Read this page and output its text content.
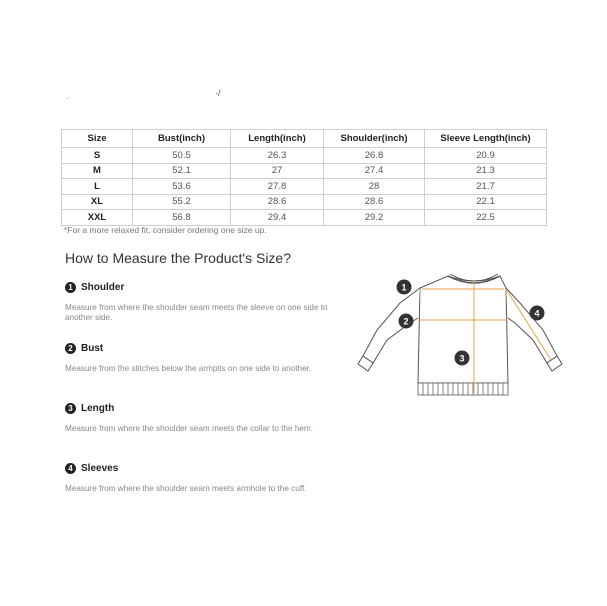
.	·/
Size	Bust(inch)	Length(inch)	Shoulder(inch)	Sleeve Length(inch)
S	50.5	26.3	26.8	20.9
M	52.1	27	27.4	21.3
L	53.6	27.8	28	21.7
XL	55.2	28.6	28.6	22.1
XXL	56.8	29.4	29.2	22.5
*For a more relaxed fit, consider ordering one size up.
How to Measure the Product's Size?
1 Shoulder
Measure from where the shoulder seam meets the sleeve on one side to another side.
2 Bust
Measure from the stitches below the armpits on one side to another.
3 Length
Measure from where the shoulder seam meets the collar to the hem.
4 Sleeves
Measure from where the shoulder seam meets armhole to the cuff.
1
2
3
4
